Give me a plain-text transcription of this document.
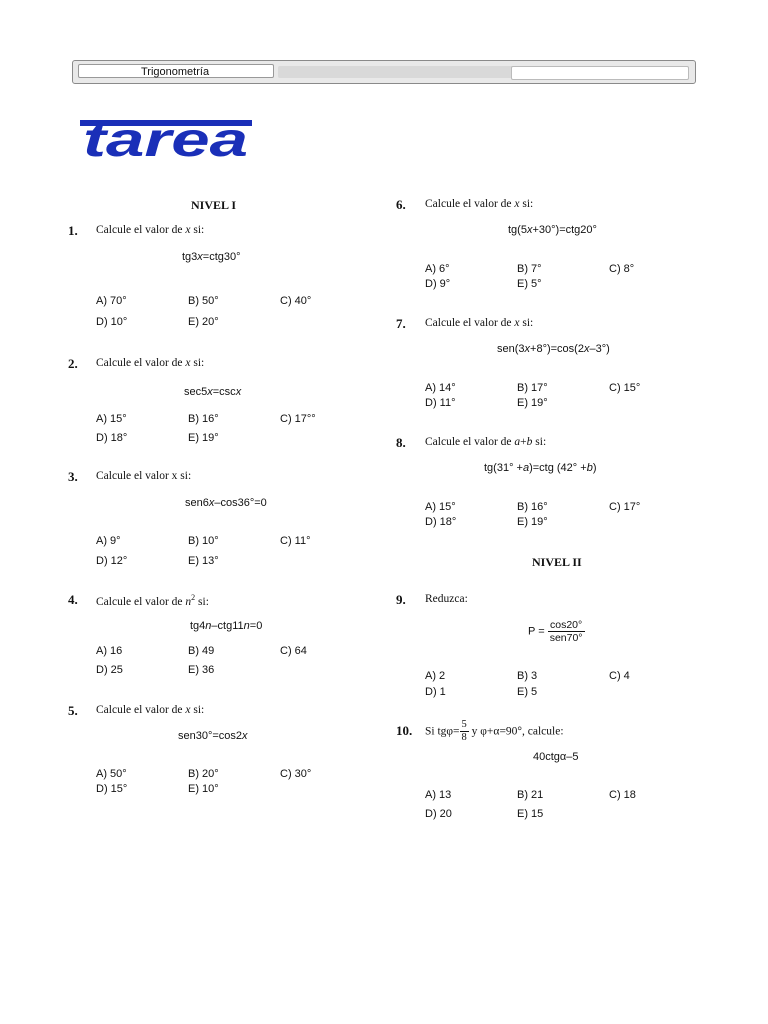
Trigonometría
tarea
NIVEL I
1. Calcule el valor de x si:
tg3x=ctg30°
A) 70°	B) 50°	C) 40°
D) 10°	E) 20°
2. Calcule el valor de x si:
sec5x=cscx
A) 15°	B) 16°	C) 17°°
D) 18°	E) 19°
3. Calcule el valor x si:
sen6x–cos36°=0
A) 9°	B) 10°	C) 11°
D) 12°	E) 13°
4. Calcule el valor de $n^2$ si:
tg4n–ctg11n=0
A) 16	B) 49	C) 64
D) 25	E) 36
5. Calcule el valor de x si:
sen30°=cos2x
A) 50°	B) 20°	C) 30°
D) 15°	E) 10°
6. Calcule el valor de x si:
tg(5x+30°)=ctg20°
A) 6°	B) 7°	C) 8°
D) 9°	E) 5°
7. Calcule el valor de x si:
sen(3x+8°)=cos(2x–3°)
A) 14°	B) 17°	C) 15°
D) 11°	E) 19°
8. Calcule el valor de a+b si:
tg(31° +a)=ctg (42° +b)
A) 15°	B) 16°	C) 17°
D) 18°	E) 19°
NIVEL II
9. Reduzca:
$P = \frac{\cos 20^\circ}{\text{sen70°}}$
A) 2	B) 3	C) 4
D) 1	E) 5
10. Si $tg\varphi= \frac{5}{8}$ y φ+α=90°, calcule:
40ctgα–5
A) 13	B) 21	C) 18
D) 20	E) 15
